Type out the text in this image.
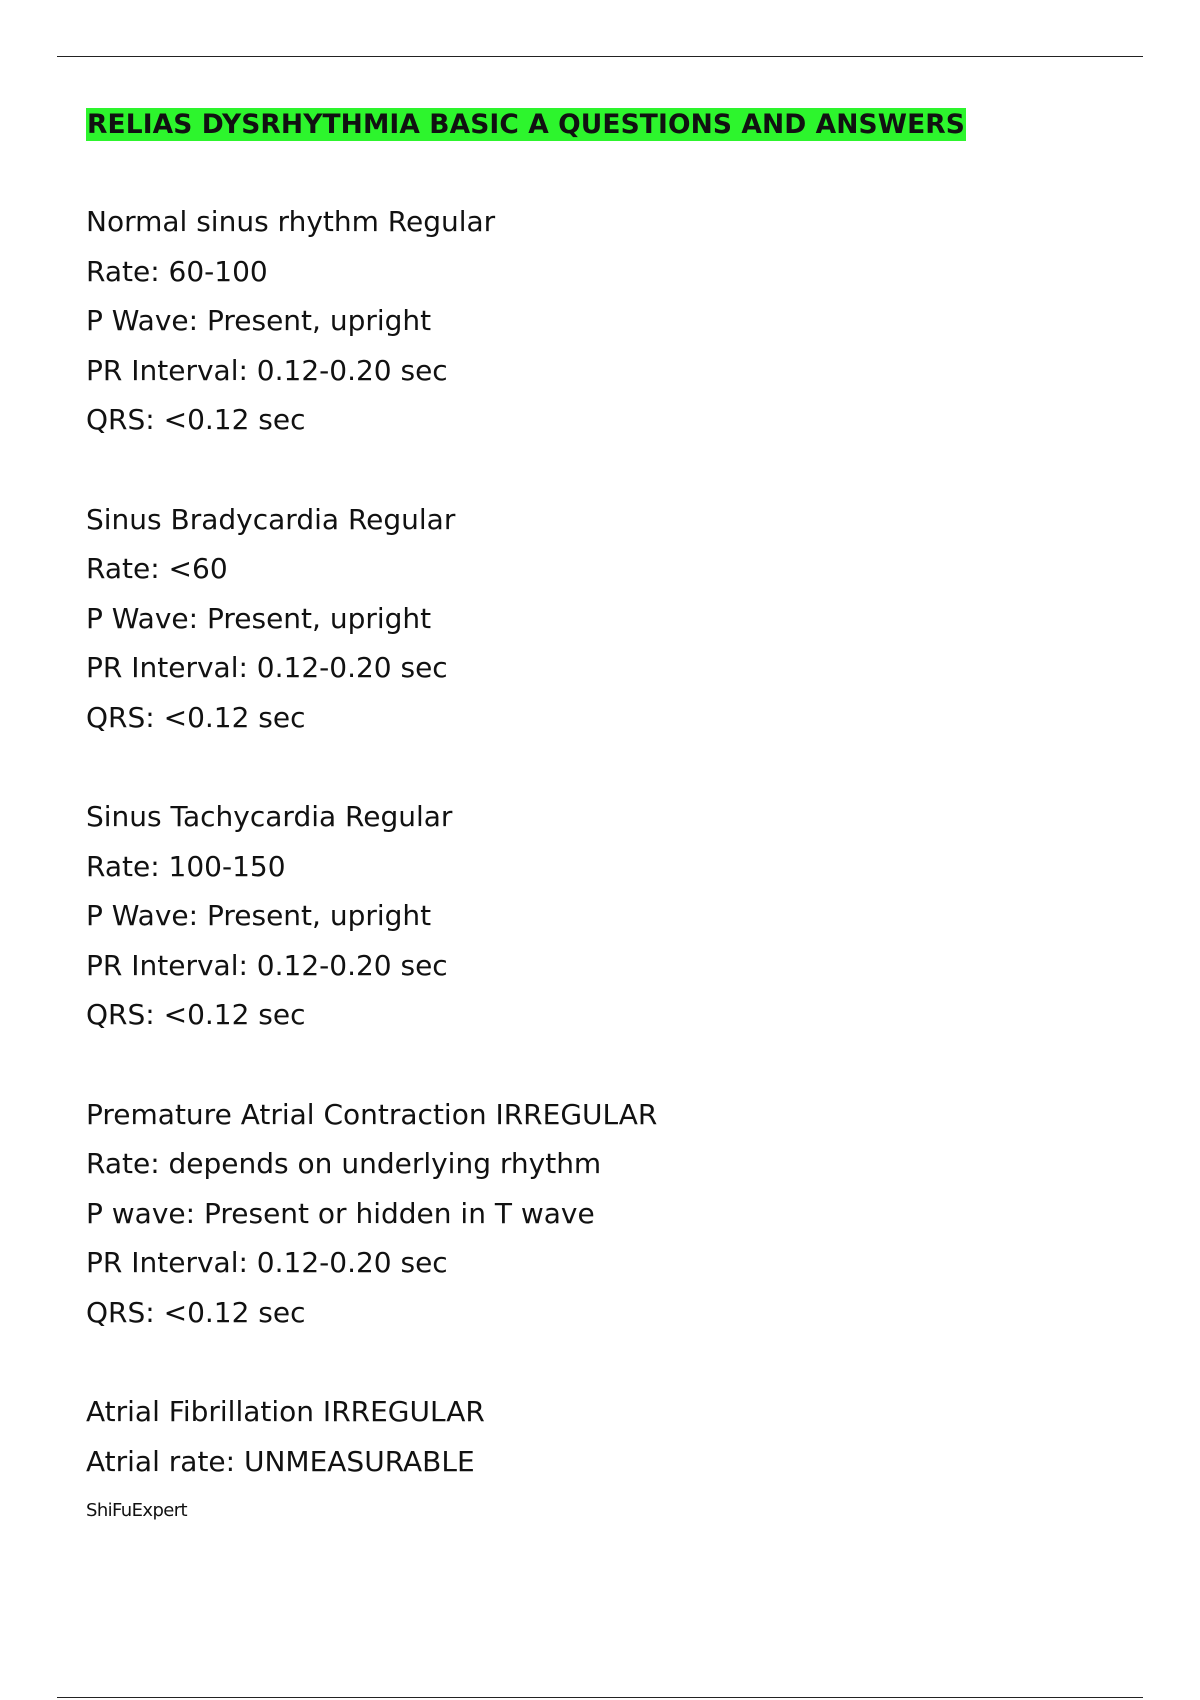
RELIAS DYSRHYTHMIA BASIC A QUESTIONS AND ANSWERS
Normal sinus rhythm Regular
Rate: 60-100
P Wave: Present, upright
PR Interval: 0.12-0.20 sec
QRS: <0.12 sec
Sinus Bradycardia Regular
Rate: <60
P Wave: Present, upright
PR Interval: 0.12-0.20 sec
QRS: <0.12 sec
Sinus Tachycardia Regular
Rate: 100-150
P Wave: Present, upright
PR Interval: 0.12-0.20 sec
QRS: <0.12 sec
Premature Atrial Contraction IRREGULAR
Rate: depends on underlying rhythm
P wave: Present or hidden in T wave
PR Interval: 0.12-0.20 sec
QRS: <0.12 sec
Atrial Fibrillation IRREGULAR
Atrial rate: UNMEASURABLE
ShiFuExpert
